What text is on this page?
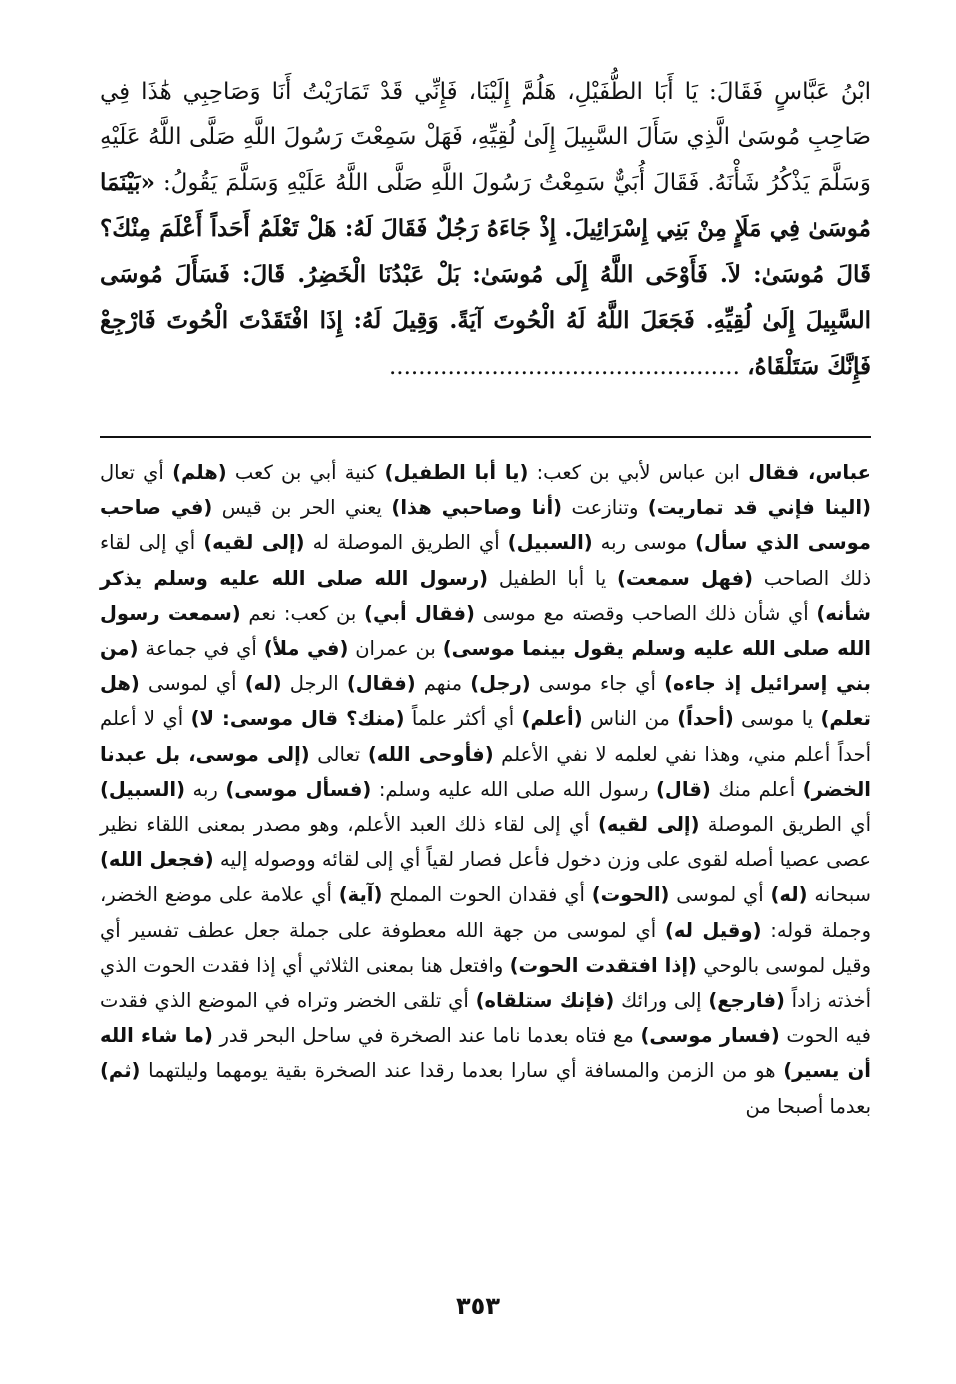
ابْنُ عَبَّاسٍ فَقَالَ: يَا أَبَا الطُّفَيْلِ، هَلُمَّ إِلَيْنَا، فَإِنِّي قَدْ تَمَارَيْتُ أَنَا وَصَاحِبِي هَٰذَا فِي صَاحِبِ مُوسَىٰ الَّذِي سَأَلَ السَّبِيلَ إِلَىٰ لُقِيِّهِ، فَهَلْ سَمِعْتَ رَسُولَ اللَّهِ صَلَّى اللَّهُ عَلَيْهِ وَسَلَّمَ يَذْكُرُ شَأْنَهُ. فَقَالَ أُبَيٌّ سَمِعْتُ رَسُولَ اللَّهِ صَلَّى اللَّهُ عَلَيْهِ وَسَلَّمَ يَقُولُ: «بَيْنَمَا مُوسَىٰ فِي مَلَإٍ مِنْ بَنِي إِسْرَائِيلَ. إِذْ جَاءَهُ رَجُلٌ فَقَالَ لَهُ: هَلْ تَعْلَمُ أَحَداً أَعْلَمَ مِنْكَ؟ قَالَ مُوسَىٰ: لاَ. فَأَوْحَى اللَّهُ إِلَى مُوسَىٰ: بَلْ عَبْدُنَا الْخَضِرُ. قَالَ: فَسَأَلَ مُوسَى السَّبِيلَ إِلَىٰ لُقِيِّهِ. فَجَعَلَ اللَّهُ لَهُ الْحُوتَ آيَةً. وَقِيلَ لَهُ: إِذَا افْتَقَدْتَ الْحُوتَ فَارْجِعْ فَإِنَّكَ سَتَلْقَاهُ، ................................................
عباس، فقال ابن عباس لأبي بن كعب: (يا أبا الطفيل) كنية أبي بن كعب (هلم) أي تعال (الينا فإني قد تماريت) وتنازعت (أنا وصاحبي هذا) يعني الحر بن قيس (في صاحب موسى الذي سأل) موسى ربه (السبيل) أي الطريق الموصلة له (إلى لقيه) أي إلى لقاء ذلك الصاحب (فهل سمعت) يا أبا الطفيل (رسول الله صلى الله عليه وسلم يذكر شأنه) أي شأن ذلك الصاحب وقصته مع موسى (فقال أبي) بن كعب: نعم (سمعت رسول الله صلى الله عليه وسلم يقول بينما موسى) بن عمران (في ملأ) أي في جماعة (من بني إسرائيل إذ جاءه) أي جاء موسى (رجل) منهم (فقال) الرجل (له) أي لموسى (هل تعلم) يا موسى (أحداً) من الناس (أعلم) أي أكثر علماً (منك؟ قال موسى: لا) أي لا أعلم أحداً أعلم مني، وهذا نفي لعلمه لا نفي الأعلم (فأوحى الله) تعالى (إلى موسى، بل عبدنا الخضر) أعلم منك (قال) رسول الله صلى الله عليه وسلم: (فسأل موسى) ربه (السبيل) أي الطريق الموصلة (إلى لقيه) أي إلى لقاء ذلك العبد الأعلم، وهو مصدر بمعنى اللقاء نظير عصى عصيا أصله لقوى على وزن دخول فأعل فصار لقياً أي إلى لقائه ووصوله إليه (فجعل الله) سبحانه (له) أي لموسى (الحوت) أي فقدان الحوت المملح (آية) أي علامة على موضع الخضر، وجملة قوله: (وقيل له) أي لموسى من جهة الله معطوفة على جملة جعل عطف تفسير أي وقيل لموسى بالوحي (إذا افتقدت الحوت) وافتعل هنا بمعنى الثلاثي أي إذا فقدت الحوت الذي أخذته زاداً (فارجع) إلى ورائك (فإنك ستلقاه) أي تلقى الخضر وتراه في الموضع الذي فقدت فيه الحوت (فسار موسى) مع فتاه بعدما ناما عند الصخرة في ساحل البحر قدر (ما شاء الله أن يسير) هو من الزمن والمسافة أي سارا بعدما رقدا عند الصخرة بقية يومهما وليلتهما (ثم) بعدما أصبحا من
٣٥٣
